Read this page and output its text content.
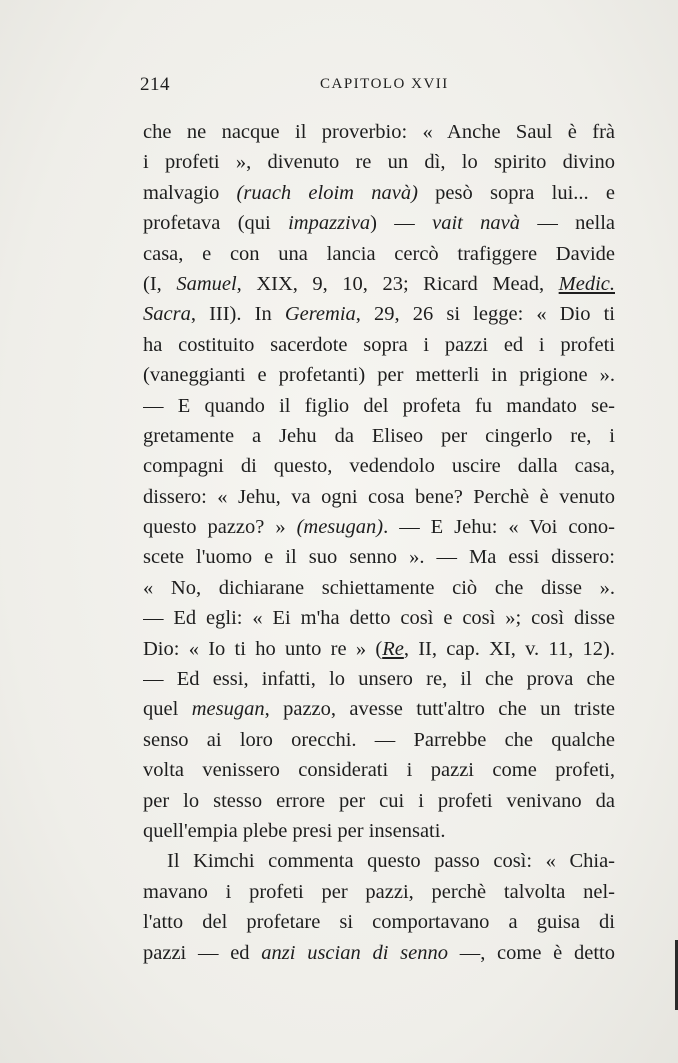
214	CAPITOLO XVII
che ne nacque il proverbio: « Anche Saul è frà
i profeti », divenuto re un dì, lo spirito divino
malvagio (ruach eloim navà) pesò sopra lui... e
profetava (qui impazziva) — vait navà — nella
casa, e con una lancia cercò trafiggere Davide
(I, Samuel, XIX, 9, 10, 23; Ricard Mead, Medic.
Sacra, III). In Geremia, 29, 26 si legge: « Dio ti
ha costituito sacerdote sopra i pazzi ed i profeti
(vaneggianti e profetanti) per metterli in prigione ».
— E quando il figlio del profeta fu mandato se-
gretamente a Jehu da Eliseo per cingerlo re, i
compagni di questo, vedendolo uscire dalla casa,
dissero: « Jehu, va ogni cosa bene? Perchè è venuto
questo pazzo? » (mesugan). — E Jehu: « Voi cono-
scete l'uomo e il suo senno ». — Ma essi dissero:
« No, dichiarane schiettamente ciò che disse ».
— Ed egli: « Ei m'ha detto così e così »; così disse
Dio: « Io ti ho unto re » (Re, II, cap. XI, v. 11, 12).
— Ed essi, infatti, lo unsero re, il che prova che
quel mesugan, pazzo, avesse tutt'altro che un triste
senso ai loro orecchi. — Parrebbe che qualche
volta venissero considerati i pazzi come profeti,
per lo stesso errore per cui i profeti venivano da
quell'empia plebe presi per insensati.
Il Kimchi commenta questo passo così: « Chia-
mavano i profeti per pazzi, perchè talvolta nel-
l'atto del profetare si comportavano a guisa di
pazzi — ed anzi uscian di senno —, come è detto
